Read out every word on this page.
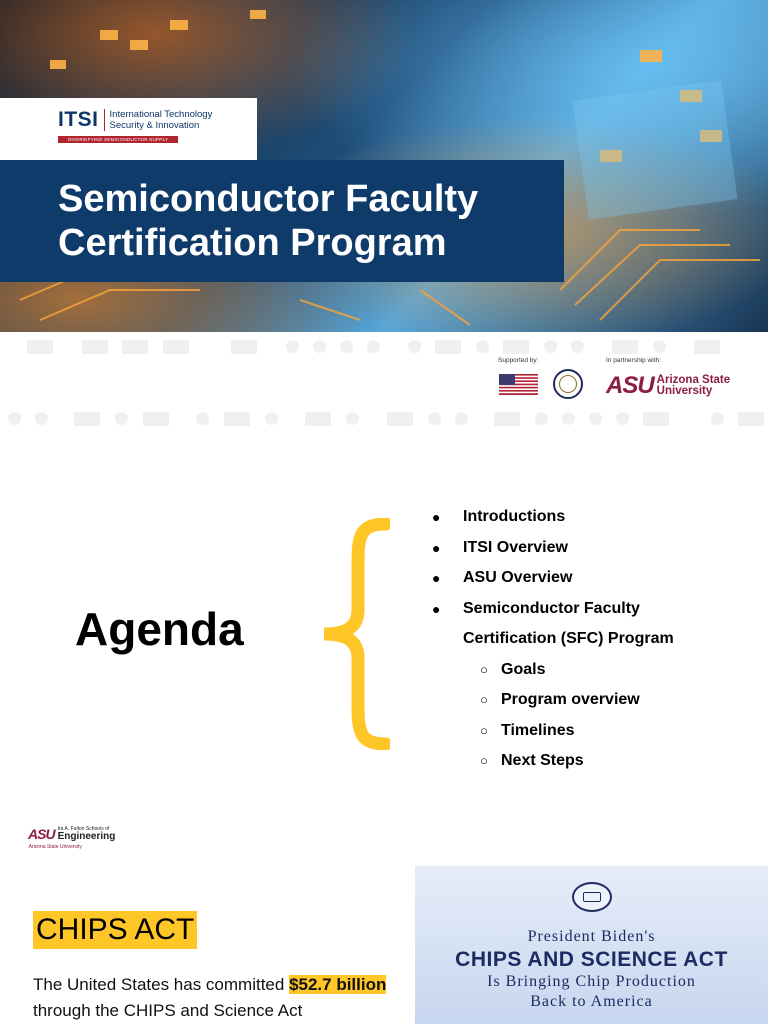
ITSI International Technology
Security & Innovation
DIVERSIFYING SEMICONDUCTOR SUPPLY CHAINS
Semiconductor Faculty
Certification Program
Supported by:	In partnership with:
ASU Arizona State
University
Agenda
● Introductions
● ITSI Overview
● ASU Overview
● Semiconductor Faculty
Certification (SFC) Program
○ Goals
○ Program overview
○ Timelines
○ Next Steps
ASU Ira A. Fulton Schools of
Engineering
Arizona State University
CHIPS ACT

The United States has committed $52.7 billion through the CHIPS and Science Act

President Biden's
CHIPS AND SCIENCE ACT
Is Bringing Chip Production
Back to America
